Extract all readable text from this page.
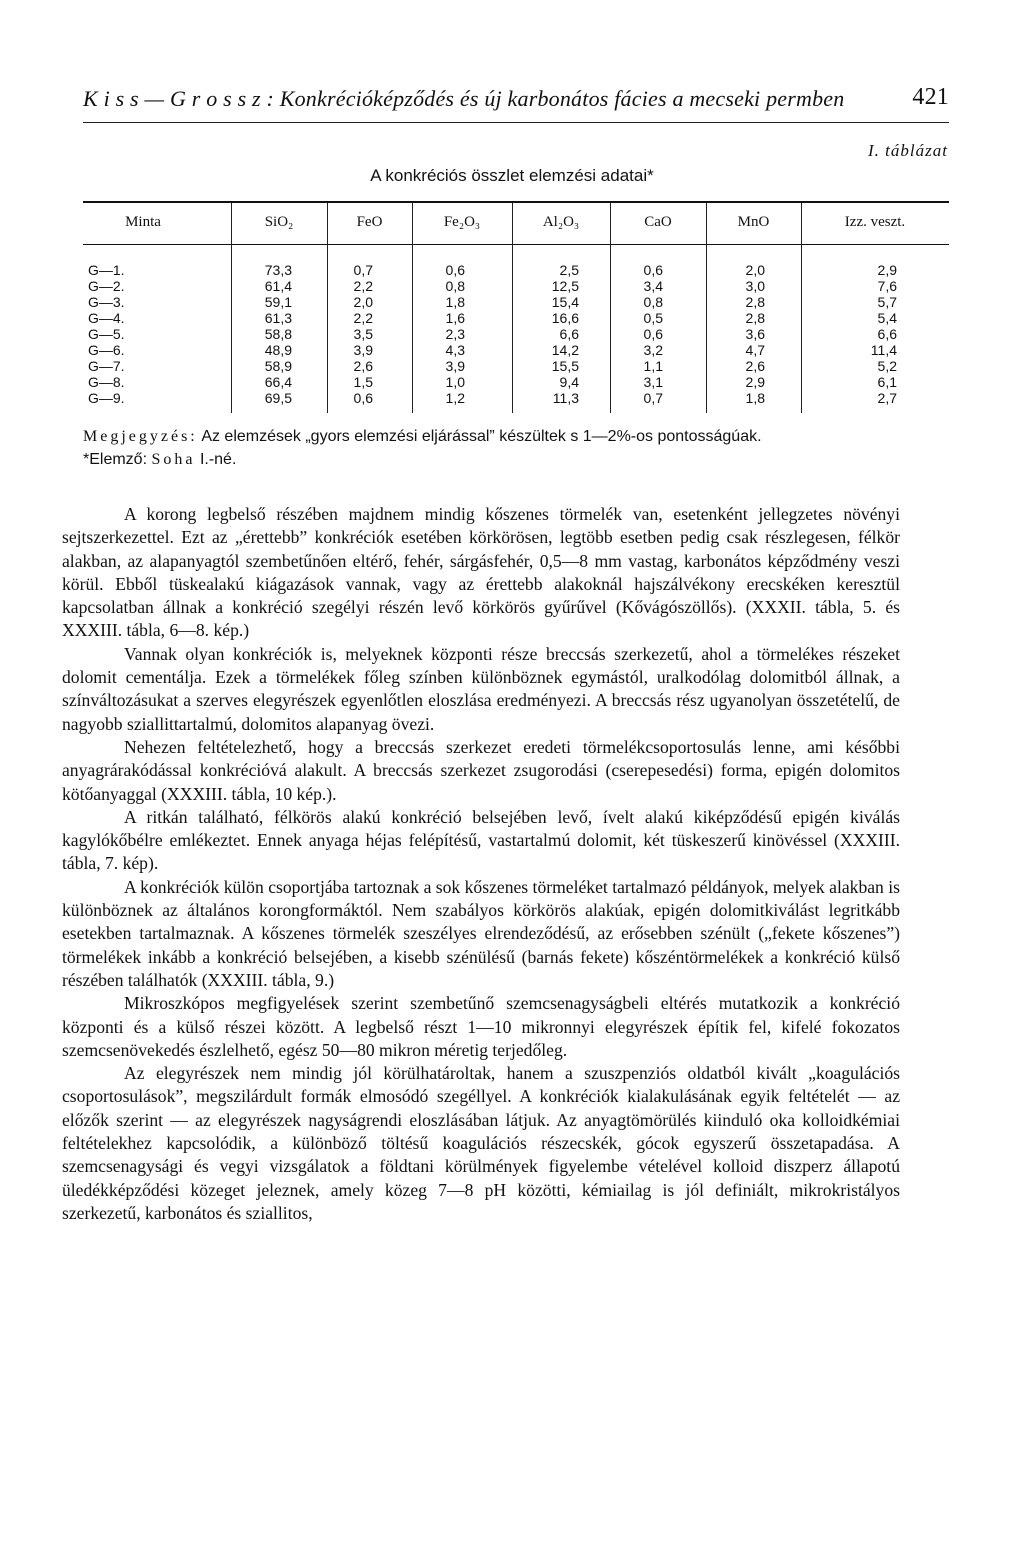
K i s s — G r o s s z : Konkrécióképződés és új karbonátos fácies a mecseki permben	421
I. táblázat
A konkréciós összlet elemzési adatai*
Minta	SiO₂	FeO	Fe₂O₃	Al₂O₃	CaO	MnO	Izz. veszt.
G—1.	73,3	0,7	0,6	2,5	0,6	2,0	2,9
G—2.	61,4	2,2	0,8	12,5	3,4	3,0	7,6
G—3.	59,1	2,0	1,8	15,4	0,8	2,8	5,7
G—4.	61,3	2,2	1,6	16,6	0,5	2,8	5,4
G—5.	58,8	3,5	2,3	6,6	0,6	3,6	6,6
G—6.	48,9	3,9	4,3	14,2	3,2	4,7	11,4
G—7.	58,9	2,6	3,9	15,5	1,1	2,6	5,2
G—8.	66,4	1,5	1,0	9,4	3,1	2,9	6,1
G—9.	69,5	0,6	1,2	11,3	0,7	1,8	2,7
Megjegyzés: Az elemzések „gyors elemzési eljárással” készültek s 1—2%-os pontosságúak.
*Elemző: Soha I.-né.

A korong legbelső részében majdnem mindig kőszenes törmelék van, esetenként jellegzetes növényi sejtszerkezettel. Ezt az „érettebb” konkréciók esetében körkörösen, legtöbb esetben pedig csak részlegesen, félkör alakban, az alapanyagtól szembetűnően eltérő, fehér, sárgásfehér, 0,5—8 mm vastag, karbonátos képződmény veszi körül. Ebből tüskealakú kiágazások vannak, vagy az érettebb alakoknál hajszálvékony erecskéken keresztül kapcsolatban állnak a konkréció szegélyi részén levő körkörös gyűrűvel (Kővágószöllős). (XXXII. tábla, 5. és XXXIII. tábla, 6—8. kép.)

Vannak olyan konkréciók is, melyeknek központi része breccsás szerkezetű, ahol a törmelékes részeket dolomit cementálja. Ezek a törmelékek főleg színben különböznek egymástól, uralkodólag dolomitból állnak, a színváltozásukat a szerves elegyrészek egyenlőtlen eloszlása eredményezi. A breccsás rész ugyanolyan összetételű, de nagyobb sziallittartalmú, dolomitos alapanyag övezi.

Nehezen feltételezhető, hogy a breccsás szerkezet eredeti törmelékcsoportosulás lenne, ami későbbi anyagrárakódással konkrécióvá alakult. A breccsás szerkezet zsugorodási (cserepesedési) forma, epigén dolomitos kötőanyaggal (XXXIII. tábla, 10 kép.).

A ritkán található, félkörös alakú konkréció belsejében levő, ívelt alakú kiképződésű epigén kiválás kagylókőbélre emlékeztet. Ennek anyaga héjas felépítésű, vastartalmú dolomit, két tüskeszerű kinövéssel (XXXIII. tábla, 7. kép).

A konkréciók külön csoportjába tartoznak a sok kőszenes törmeléket tartalmazó példányok, melyek alakban is különböznek az általános korongformáktól. Nem szabályos körkörös alakúak, epigén dolomitkiválást legritkább esetekben tartalmaznak. A kőszenes törmelék szeszélyes elrendeződésű, az erősebben szénült („fekete kőszenes”) törmelékek inkább a konkréció belsejében, a kisebb szénülésű (barnás fekete) kőszéntörmelékek a konkréció külső részében találhatók (XXXIII. tábla, 9.)

Mikroszkópos megfigyelések szerint szembetűnő szemcsenagyságbeli eltérés mutatkozik a konkréció központi és a külső részei között. A legbelső részt 1—10 mikronnyi elegyrészek építik fel, kifelé fokozatos szemcsenövekedés észlelhető, egész 50—80 mikron méretig terjedőleg.

Az elegyrészek nem mindig jól körülhatároltak, hanem a szuszpenziós oldatból kivált „koagulációs csoportosulások”, megszilárdult formák elmosódó szegéllyel. A konkréciók kialakulásának egyik feltételét — az előzők szerint — az elegyrészek nagyságrendi eloszlásában látjuk. Az anyagtömörülés kiinduló oka kolloidkémiai feltételekhez kapcsolódik, a különböző töltésű koagulációs részecskék, gócok egyszerű összetapadása. A szemcsenagysági és vegyi vizsgálatok a földtani körülmények figyelembe vételével kolloid diszperz állapotú üledékképződési közeget jeleznek, amely közeg 7—8 pH közötti, kémiailag is jól definiált, mikrokristályos szerkezetű, karbonátos és sziallitos,
